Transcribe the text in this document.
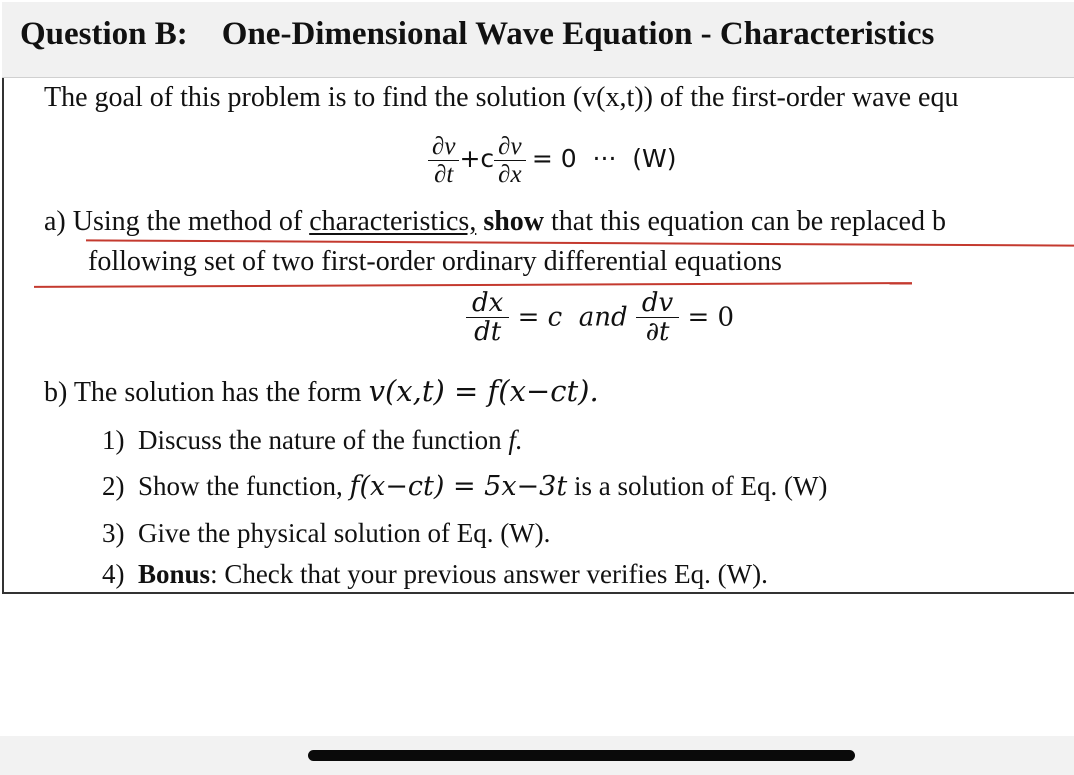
Question B: One-Dimensional Wave Equation - Characteristics
The goal of this problem is to find the solution (v(x,t)) of the first-order wave equ
$\frac{\partial v}{\partial t} +c \frac{\partial v}{\partial x} = 0$  ···  (W)
a) Using the method of characteristics, show that this equation can be replaced b
following set of two first-order ordinary differential equations
$\frac{dx}{dt} = c$  and $\frac{dv}{\partial t} = 0$
b) The solution has the form v(x,t) = f(x−ct).
1) Discuss the nature of the function f.
2) Show the function, f(x−ct) = 5x−3t is a solution of Eq. (W)
3) Give the physical solution of Eq. (W).
4) Bonus: Check that your previous answer verifies Eq. (W).
